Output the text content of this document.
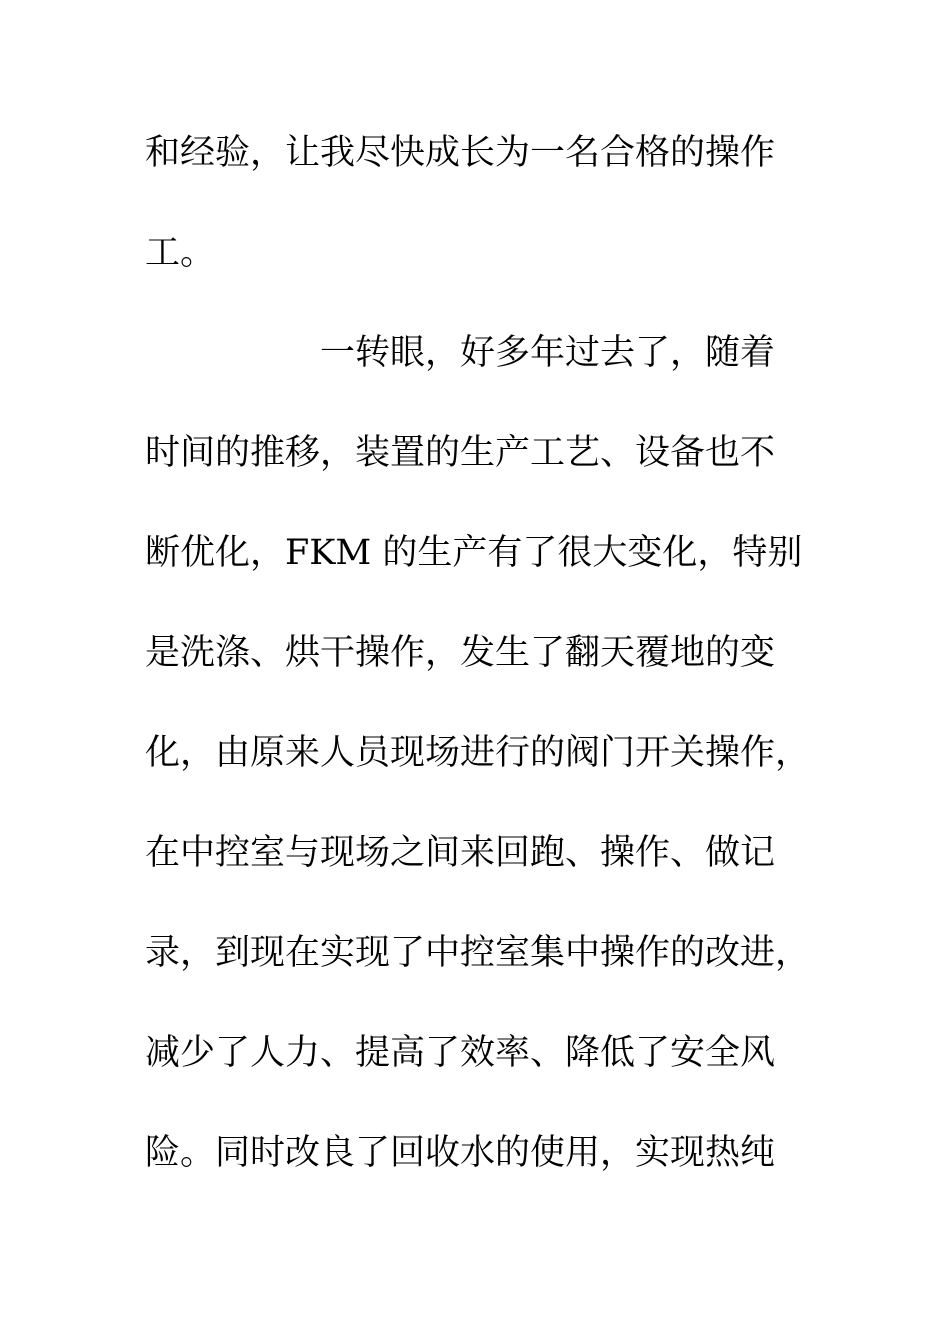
和经验，让我尽快成长为一名合格的操作
工。
一转眼，好多年过去了，随着
时间的推移，装置的生产工艺、设备也不
断优化，FKM 的生产有了很大变化，特别
是洗涤、烘干操作，发生了翻天覆地的变
化，由原来人员现场进行的阀门开关操作，
在中控室与现场之间来回跑、操作、做记
录，到现在实现了中控室集中操作的改进，
减少了人力、提高了效率、降低了安全风
险。同时改良了回收水的使用，实现热纯
